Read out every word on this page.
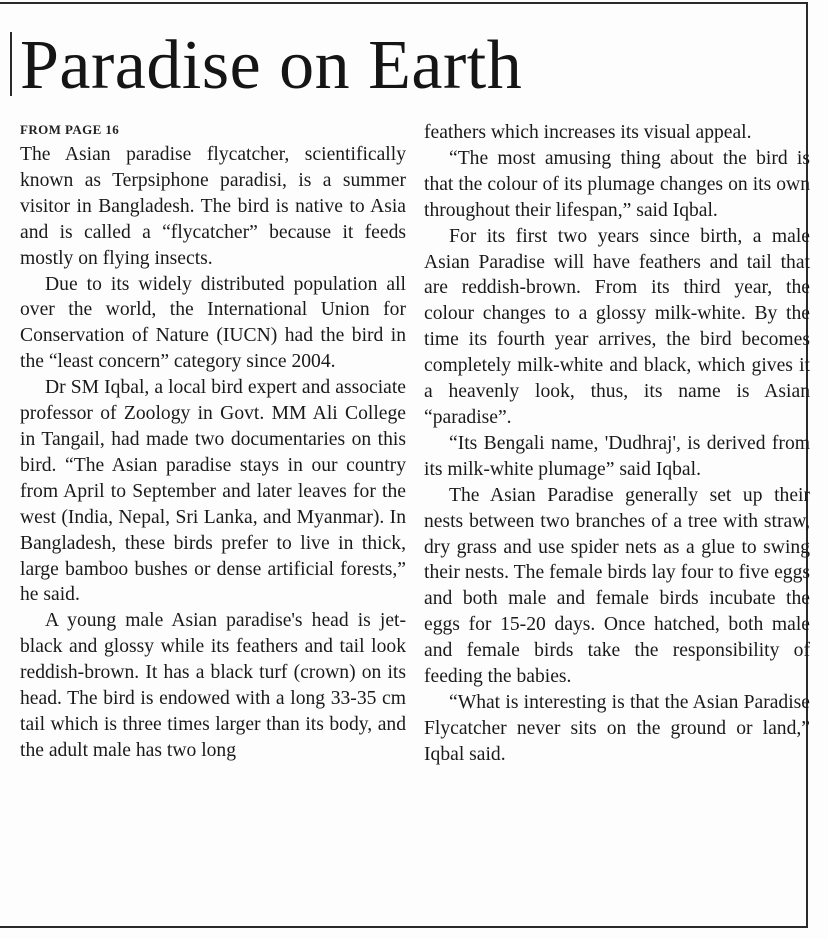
Paradise on Earth
FROM PAGE 16

The Asian paradise flycatcher, scientifically known as Terpsiphone paradisi, is a summer visitor in Bangladesh. The bird is native to Asia and is called a “flycatcher” because it feeds mostly on flying insects.

Due to its widely distributed population all over the world, the International Union for Conservation of Nature (IUCN) had the bird in the “least concern” category since 2004.

Dr SM Iqbal, a local bird expert and associate professor of Zoology in Govt. MM Ali College in Tangail, had made two documentaries on this bird. “The Asian paradise stays in our country from April to September and later leaves for the west (India, Nepal, Sri Lanka, and Myanmar). In Bangladesh, these birds prefer to live in thick, large bamboo bushes or dense artificial forests,” he said.

A young male Asian paradise's head is jet-black and glossy while its feathers and tail look reddish-brown. It has a black turf (crown) on its head. The bird is endowed with a long 33-35 cm tail which is three times larger than its body, and the adult male has two long

feathers which increases its visual appeal.

“The most amusing thing about the bird is that the colour of its plumage changes on its own throughout their lifespan,” said Iqbal.

For its first two years since birth, a male Asian Paradise will have feathers and tail that are reddish-brown. From its third year, the colour changes to a glossy milk-white. By the time its fourth year arrives, the bird becomes completely milk-white and black, which gives it a heavenly look, thus, its name is Asian “paradise”.

“Its Bengali name, 'Dudhraj', is derived from its milk-white plumage” said Iqbal.

The Asian Paradise generally set up their nests between two branches of a tree with straw, dry grass and use spider nets as a glue to swing their nests. The female birds lay four to five eggs and both male and female birds incubate the eggs for 15-20 days. Once hatched, both male and female birds take the responsibility of feeding the babies.

“What is interesting is that the Asian Paradise Flycatcher never sits on the ground or land,” Iqbal said.
